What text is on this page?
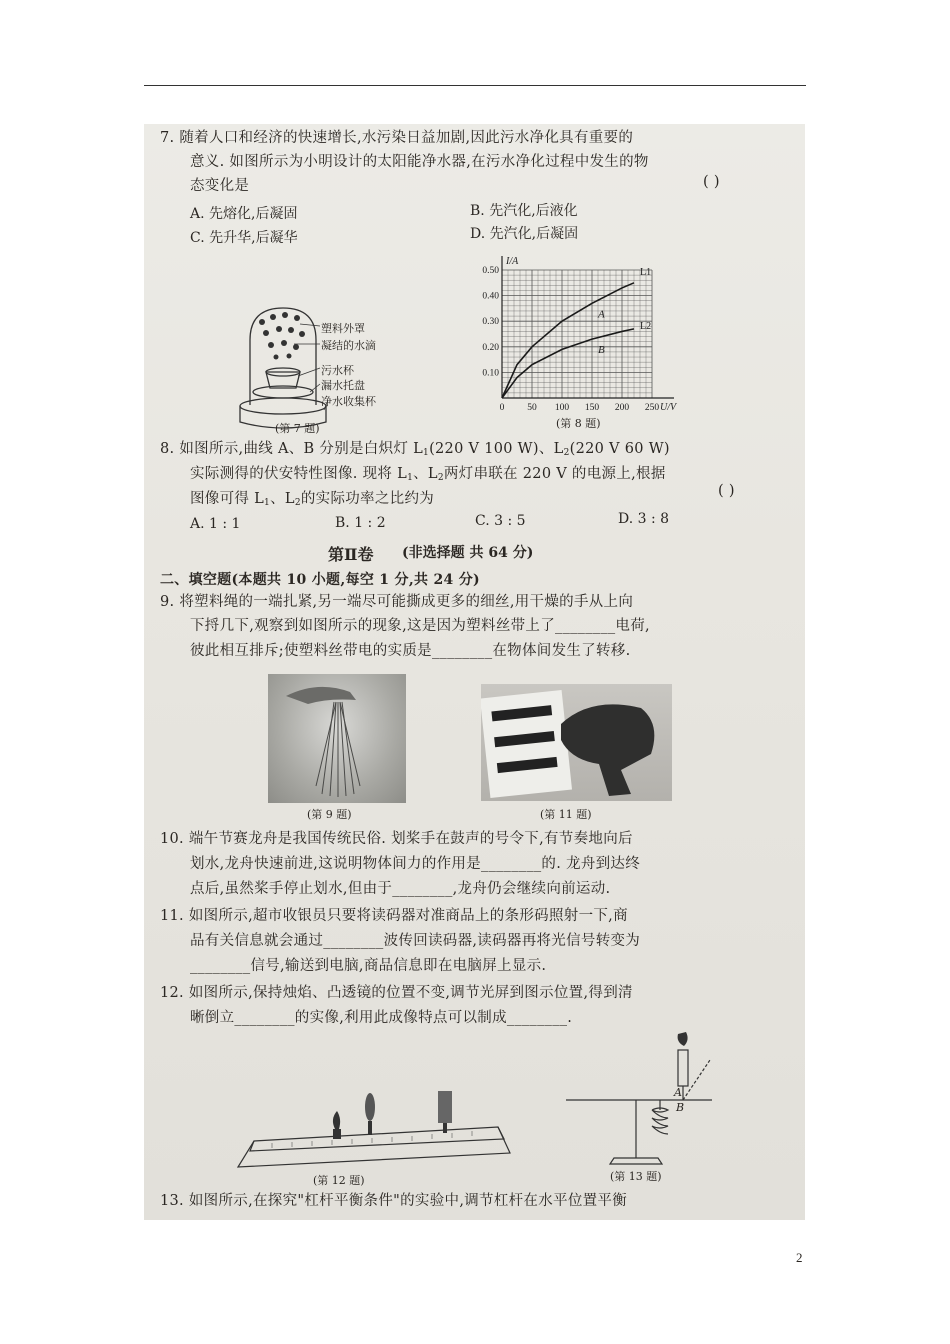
7. 随着人口和经济的快速增长,水污染日益加剧,因此污水净化具有重要的
意义. 如图所示为小明设计的太阳能净水器,在污水净化过程中发生的物
态变化是	( )
A. 先熔化,后凝固	B. 先汽化,后液化
C. 先升华,后凝华	D. 先汽化,后凝固
塑料外罩
凝结的水滴
污水杯
漏水托盘
净水收集杯
(第 7 题)
0 50 100 150 200 250
0.10
0.20
0.30
0.40
0.50
U/V
I/A
L1
A
L2
B
(第 8 题)
8. 如图所示,曲线 A、B 分别是白炽灯 $L_1(220$ V 100 W)、$L_2(220$ V 60 W)
实际测得的伏安特性图像. 现将 $L_1$、$L_2$两灯串联在 220 V 的电源上,根据
图像可得 $L_1$、$L_2$的实际功率之比约为	( )
A. 1 : 1	B. 1 : 2	C. 3 : 5	D. 3 : 8
第Ⅱ卷 (非选择题 共 64 分)
二、填空题(本题共 10 小题,每空 1 分,共 24 分)
9. 将塑料绳的一端扎紧,另一端尽可能撕成更多的细丝,用干燥的手从上向
下捋几下,观察到如图所示的现象,这是因为塑料丝带上了________电荷,
彼此相互排斥;使塑料丝带电的实质是________在物体间发生了转移.
(第 9 题)	(第 11 题)
10. 端午节赛龙舟是我国传统民俗. 划桨手在鼓声的号令下,有节奏地向后
划水,龙舟快速前进,这说明物体间力的作用是________的. 龙舟到达终
点后,虽然桨手停止划水,但由于________,龙舟仍会继续向前运动.
11. 如图所示,超市收银员只要将读码器对准商品上的条形码照射一下,商
品有关信息就会通过________波传回读码器,读码器再将光信号转变为
________信号,输送到电脑,商品信息即在电脑屏上显示.
12. 如图所示,保持烛焰、凸透镜的位置不变,调节光屏到图示位置,得到清
晰倒立________的实像,利用此成像特点可以制成________.
(第 12 题)
A
B
(第 13 题)
13. 如图所示,在探究"杠杆平衡条件"的实验中,调节杠杆在水平位置平衡
2
